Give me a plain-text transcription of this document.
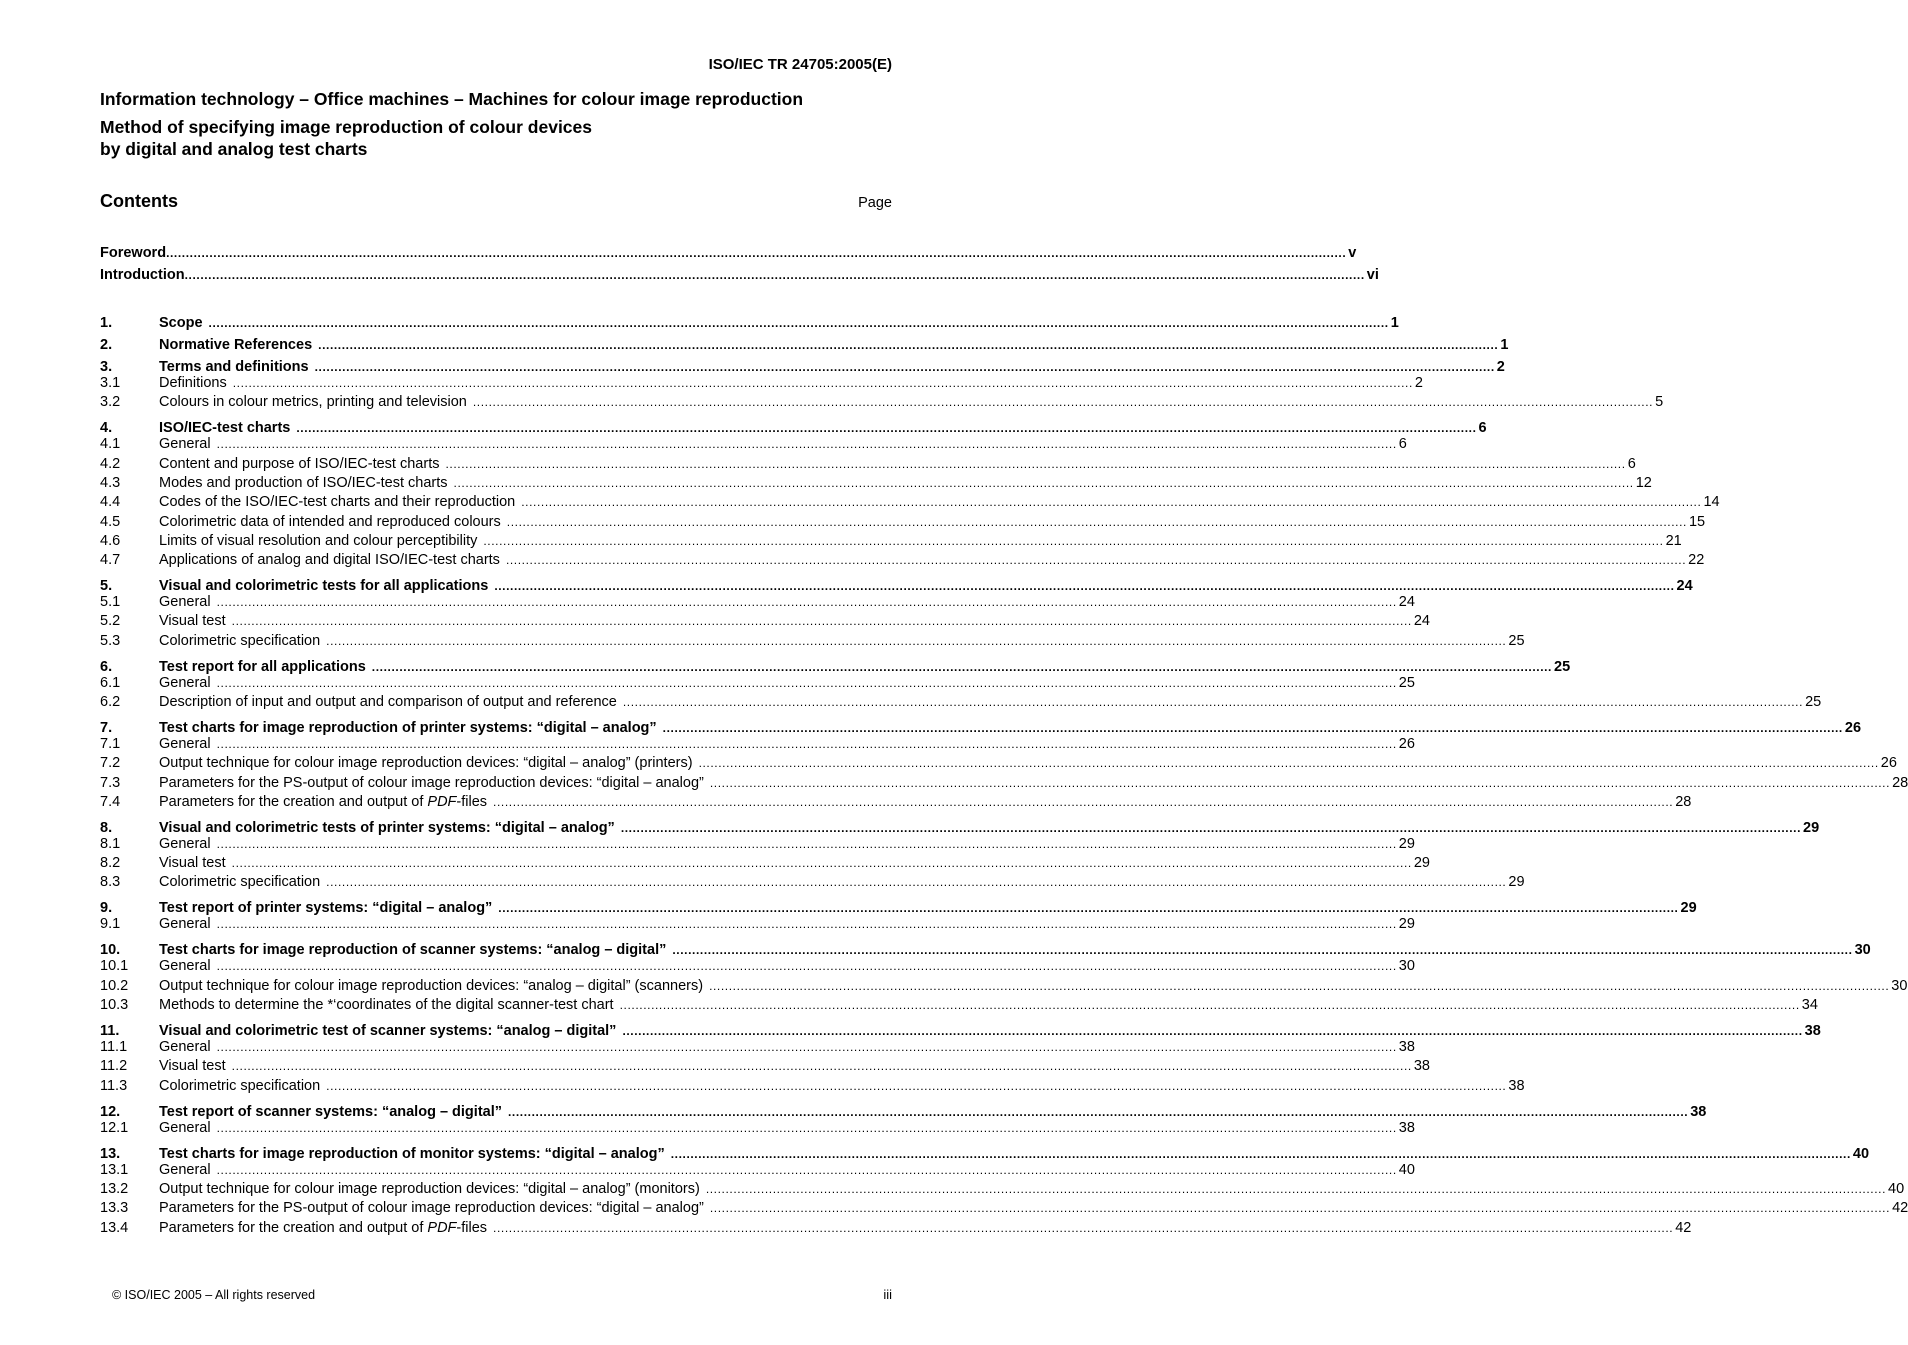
ISO/IEC TR 24705:2005(E)
Information technology – Office machines – Machines for colour image reproduction
Method of specifying image reproduction of colour devices
by digital and analog test charts
Contents	Page
Foreword ............................................................................................................................................................................................................................................................................................................ v
Introduction ............................................................................................................................................................................................................................................................................................................ vi
1.	Scope ............................................................................................................................................................................................................................................................................................................ 1
2.	Normative References ............................................................................................................................................................................................................................................................................................................ 1
3.	Terms and definitions ............................................................................................................................................................................................................................................................................................................ 2
3.1	Definitions ............................................................................................................................................................................................................................................................................................................ 2
3.2	Colours in colour metrics, printing and television ............................................................................................................................................................................................................................................................................................................ 5
4.	ISO/IEC-test charts ............................................................................................................................................................................................................................................................................................................ 6
4.1	General ............................................................................................................................................................................................................................................................................................................ 6
4.2	Content and purpose of ISO/IEC-test charts ............................................................................................................................................................................................................................................................................................................ 6
4.3	Modes and production of ISO/IEC-test charts ............................................................................................................................................................................................................................................................................................................ 12
4.4	Codes of the ISO/IEC-test charts and their reproduction ............................................................................................................................................................................................................................................................................................................ 14
4.5	Colorimetric data of intended and reproduced colours ............................................................................................................................................................................................................................................................................................................ 15
4.6	Limits of visual resolution and colour perceptibility ............................................................................................................................................................................................................................................................................................................ 21
4.7	Applications of analog and digital ISO/IEC-test charts ............................................................................................................................................................................................................................................................................................................ 22
5.	Visual and colorimetric tests for all applications ............................................................................................................................................................................................................................................................................................................ 24
5.1	General ............................................................................................................................................................................................................................................................................................................ 24
5.2	Visual test ............................................................................................................................................................................................................................................................................................................ 24
5.3	Colorimetric specification ............................................................................................................................................................................................................................................................................................................ 25
6.	Test report for all applications ............................................................................................................................................................................................................................................................................................................ 25
6.1	General ............................................................................................................................................................................................................................................................................................................ 25
6.2	Description of input and output and comparison of output and reference ............................................................................................................................................................................................................................................................................................................ 25
7.	Test charts for image reproduction of printer systems: “digital – analog” ............................................................................................................................................................................................................................................................................................................ 26
7.1	General ............................................................................................................................................................................................................................................................................................................ 26
7.2	Output technique for colour image reproduction devices: “digital – analog” (printers) ............................................................................................................................................................................................................................................................................................................ 26
7.3	Parameters for the PS-output of colour image reproduction devices: “digital – analog” ............................................................................................................................................................................................................................................................................................................ 28
7.4	Parameters for the creation and output of PDF-files ............................................................................................................................................................................................................................................................................................................ 28
8.	Visual and colorimetric tests of printer systems: “digital – analog” ............................................................................................................................................................................................................................................................................................................ 29
8.1	General ............................................................................................................................................................................................................................................................................................................ 29
8.2	Visual test ............................................................................................................................................................................................................................................................................................................ 29
8.3	Colorimetric specification ............................................................................................................................................................................................................................................................................................................ 29
9.	Test report of printer systems: “digital – analog” ............................................................................................................................................................................................................................................................................................................ 29
9.1	General ............................................................................................................................................................................................................................................................................................................ 29
10.	Test charts for image reproduction of scanner systems: “analog – digital” ............................................................................................................................................................................................................................................................................................................ 30
10.1	General ............................................................................................................................................................................................................................................................................................................ 30
10.2	Output technique for colour image reproduction devices: “analog – digital” (scanners) ............................................................................................................................................................................................................................................................................................................ 30
10.3	Methods to determine the *‘coordinates of the digital scanner-test chart ............................................................................................................................................................................................................................................................................................................ 34
11.	Visual and colorimetric test of scanner systems: “analog – digital” ............................................................................................................................................................................................................................................................................................................ 38
11.1	General ............................................................................................................................................................................................................................................................................................................ 38
11.2	Visual test ............................................................................................................................................................................................................................................................................................................ 38
11.3	Colorimetric specification ............................................................................................................................................................................................................................................................................................................ 38
12.	Test report of scanner systems: “analog – digital” ............................................................................................................................................................................................................................................................................................................ 38
12.1	General ............................................................................................................................................................................................................................................................................................................ 38
13.	Test charts for image reproduction of monitor systems: “digital – analog” ............................................................................................................................................................................................................................................................................................................ 40
13.1	General ............................................................................................................................................................................................................................................................................................................ 40
13.2	Output technique for colour image reproduction devices: “digital – analog” (monitors) ............................................................................................................................................................................................................................................................................................................ 40
13.3	Parameters for the PS-output of colour image reproduction devices: “digital – analog” ............................................................................................................................................................................................................................................................................................................ 42
13.4	Parameters for the creation and output of PDF-files ............................................................................................................................................................................................................................................................................................................ 42
© ISO/IEC 2005 – All rights reserved	iii
